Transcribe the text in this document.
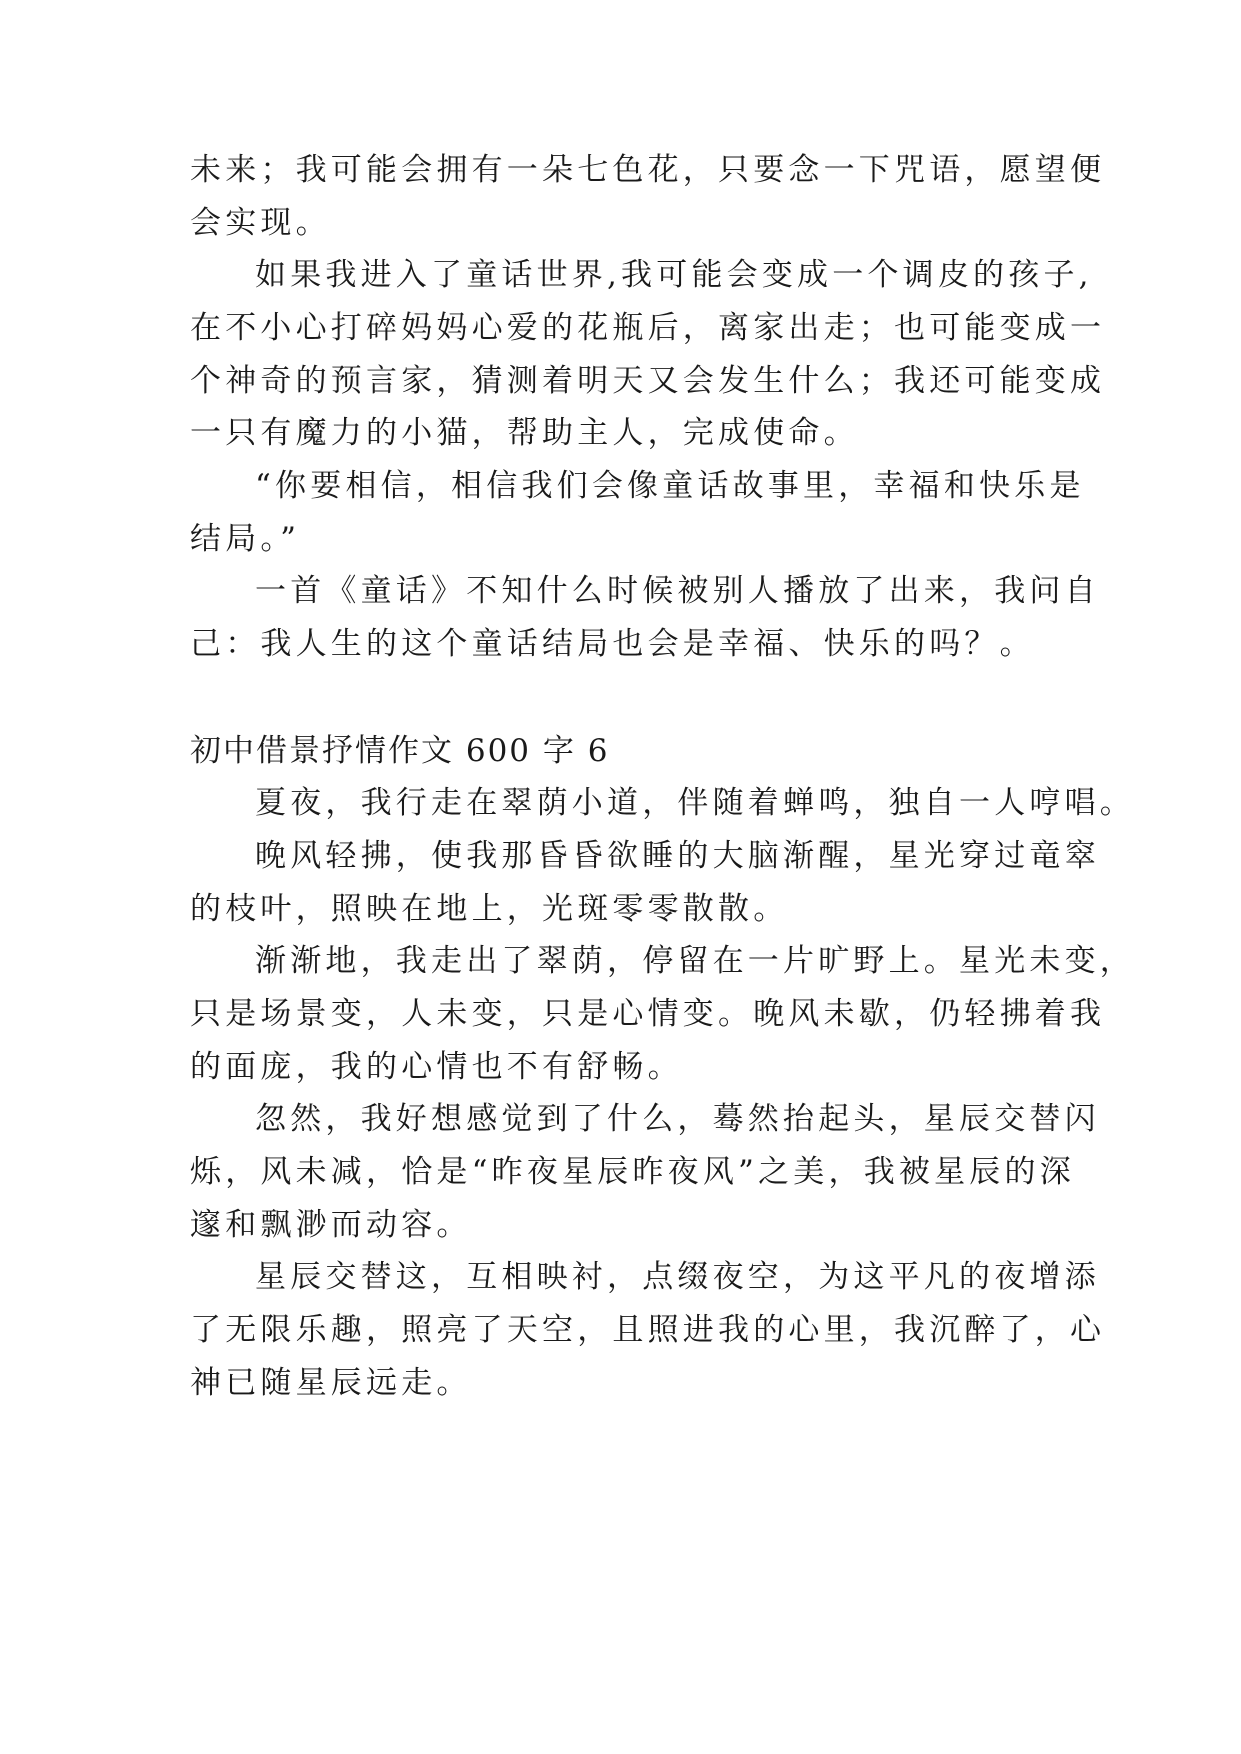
未来；我可能会拥有一朵七色花，只要念一下咒语，愿望便
会实现。
如果我进入了童话世界,我可能会变成一个调皮的孩子,
在不小心打碎妈妈心爱的花瓶后，离家出走；也可能变成一
个神奇的预言家，猜测着明天又会发生什么；我还可能变成
一只有魔力的小猫，帮助主人，完成使命。
“你要相信，相信我们会像童话故事里，幸福和快乐是
结局。”
一首《童话》不知什么时候被别人播放了出来，我问自
己：我人生的这个童话结局也会是幸福、快乐的吗？。
初中借景抒情作文 600 字 6
夏夜，我行走在翠荫小道，伴随着蝉鸣，独自一人哼唱。
晚风轻拂，使我那昏昏欲睡的大脑渐醒，星光穿过竜窣
的枝叶，照映在地上，光斑零零散散。
渐渐地，我走出了翠荫，停留在一片旷野上。星光未变，
只是场景变，人未变，只是心情变。晚风未歇，仍轻拂着我
的面庞，我的心情也不有舒畅。
忽然，我好想感觉到了什么，蓦然抬起头，星辰交替闪
烁，风未减，恰是“昨夜星辰昨夜风”之美，我被星辰的深
邃和飘渺而动容。
星辰交替这，互相映衬，点缀夜空，为这平凡的夜增添
了无限乐趣，照亮了天空，且照进我的心里，我沉醉了，心
神已随星辰远走。
